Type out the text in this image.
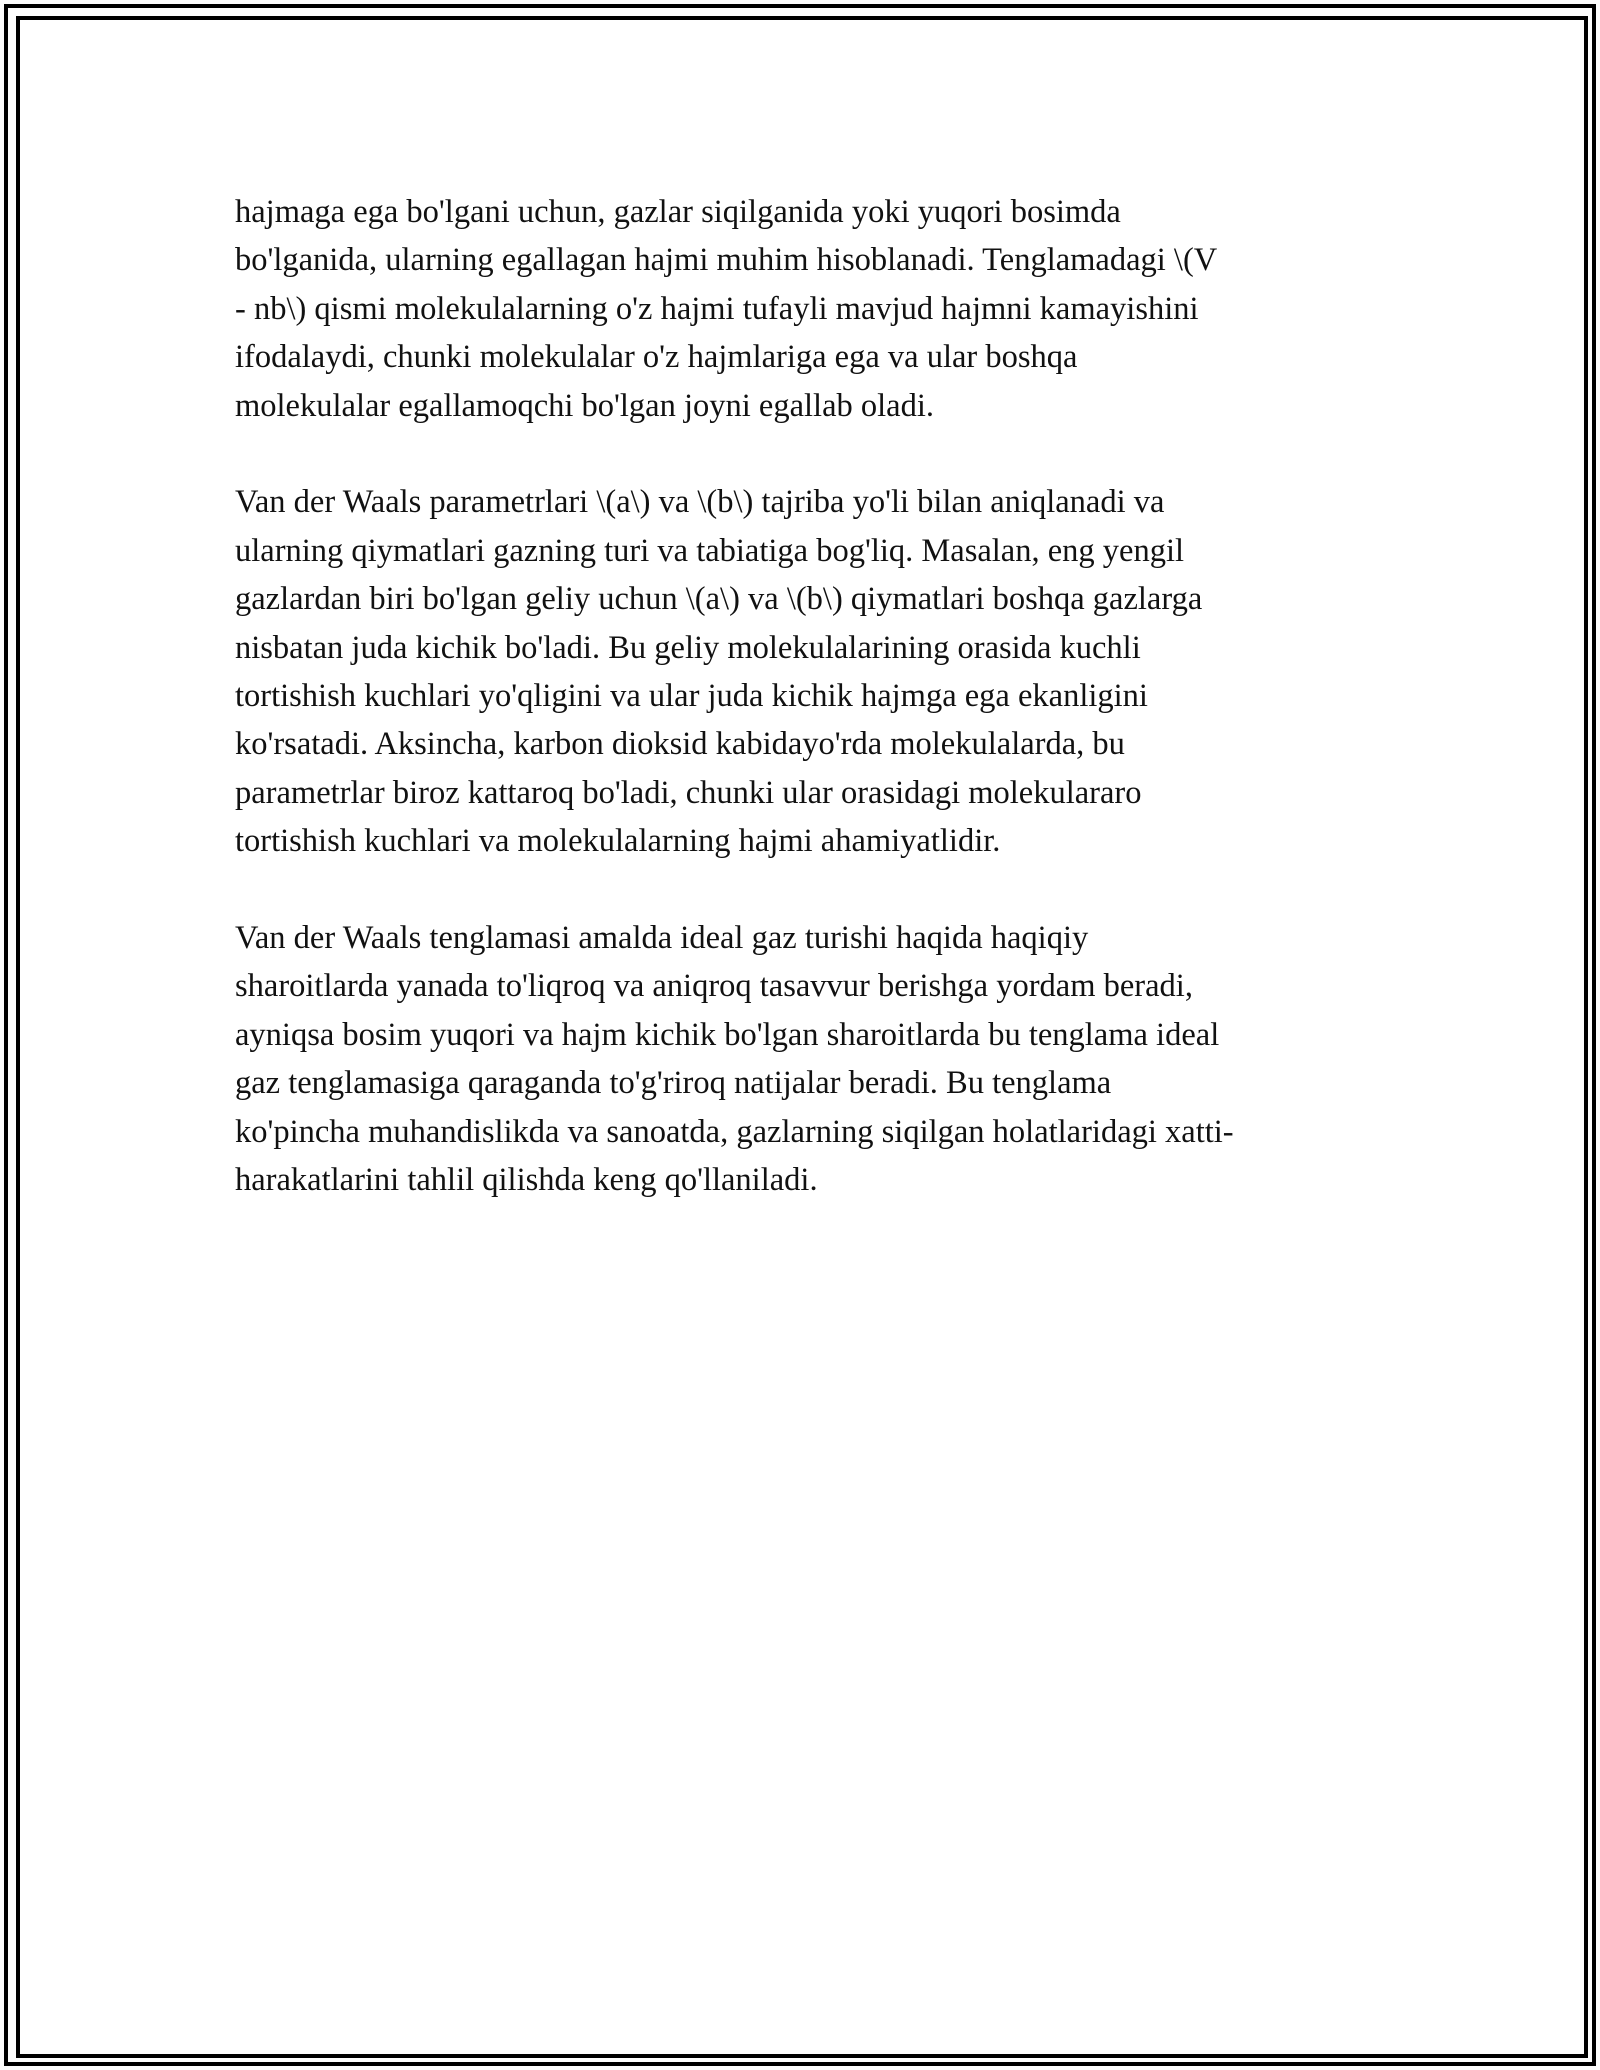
hajmaga ega bo'lgani uchun, gazlar siqilganida yoki yuqori bosimda
bo'lganida, ularning egallagan hajmi muhim hisoblanadi. Tenglamadagi \(V
- nb\) qismi molekulalarning o'z hajmi tufayli mavjud hajmni kamayishini
ifodalaydi, chunki molekulalar o'z hajmlariga ega va ular boshqa
molekulalar egallamoqchi bo'lgan joyni egallab oladi.

Van der Waals parametrlari \(a\) va \(b\) tajriba yo'li bilan aniqlanadi va
ularning qiymatlari gazning turi va tabiatiga bog'liq. Masalan, eng yengil
gazlardan biri bo'lgan geliy uchun \(a\) va \(b\) qiymatlari boshqa gazlarga
nisbatan juda kichik bo'ladi. Bu geliy molekulalarining orasida kuchli
tortishish kuchlari yo'qligini va ular juda kichik hajmga ega ekanligini
ko'rsatadi. Aksincha, karbon dioksid kabidayo'rda molekulalarda, bu
parametrlar biroz kattaroq bo'ladi, chunki ular orasidagi molekulararo
tortishish kuchlari va molekulalarning hajmi ahamiyatlidir.

Van der Waals tenglamasi amalda ideal gaz turishi haqida haqiqiy
sharoitlarda yanada to'liqroq va aniqroq tasavvur berishga yordam beradi,
ayniqsa bosim yuqori va hajm kichik bo'lgan sharoitlarda bu tenglama ideal
gaz tenglamasiga qaraganda to'g'riroq natijalar beradi. Bu tenglama
ko'pincha muhandislikda va sanoatda, gazlarning siqilgan holatlaridagi xatti-
harakatlarini tahlil qilishda keng qo'llaniladi.
